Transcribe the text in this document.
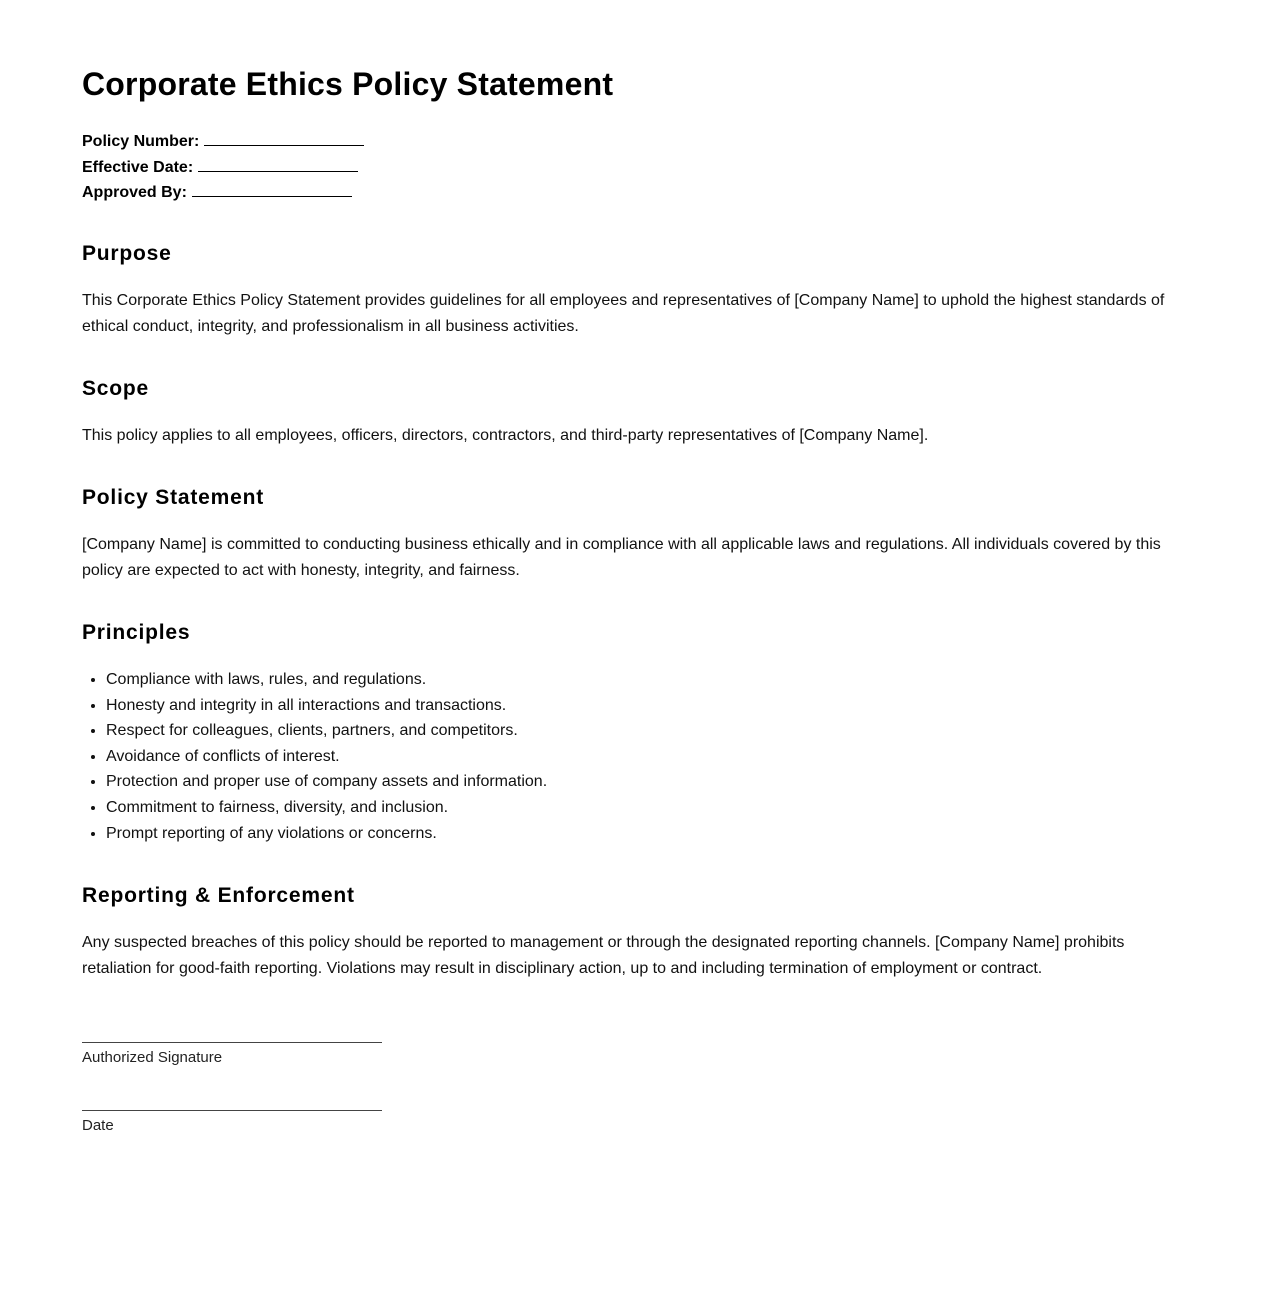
Corporate Ethics Policy Statement
Policy Number:
Effective Date:
Approved By:
Purpose

This Corporate Ethics Policy Statement provides guidelines for all employees and representatives of [Company Name] to uphold the highest standards of ethical conduct, integrity, and professionalism in all business activities.

Scope

This policy applies to all employees, officers, directors, contractors, and third-party representatives of [Company Name].

Policy Statement

[Company Name] is committed to conducting business ethically and in compliance with all applicable laws and regulations. All individuals covered by this policy are expected to act with honesty, integrity, and fairness.

Principles
• Compliance with laws, rules, and regulations.
• Honesty and integrity in all interactions and transactions.
• Respect for colleagues, clients, partners, and competitors.
• Avoidance of conflicts of interest.
• Protection and proper use of company assets and information.
• Commitment to fairness, diversity, and inclusion.
• Prompt reporting of any violations or concerns.
Reporting & Enforcement

Any suspected breaches of this policy should be reported to management or through the designated reporting channels. [Company Name] prohibits retaliation for good-faith reporting. Violations may result in disciplinary action, up to and including termination of employment or contract.

Authorized Signature
Date
